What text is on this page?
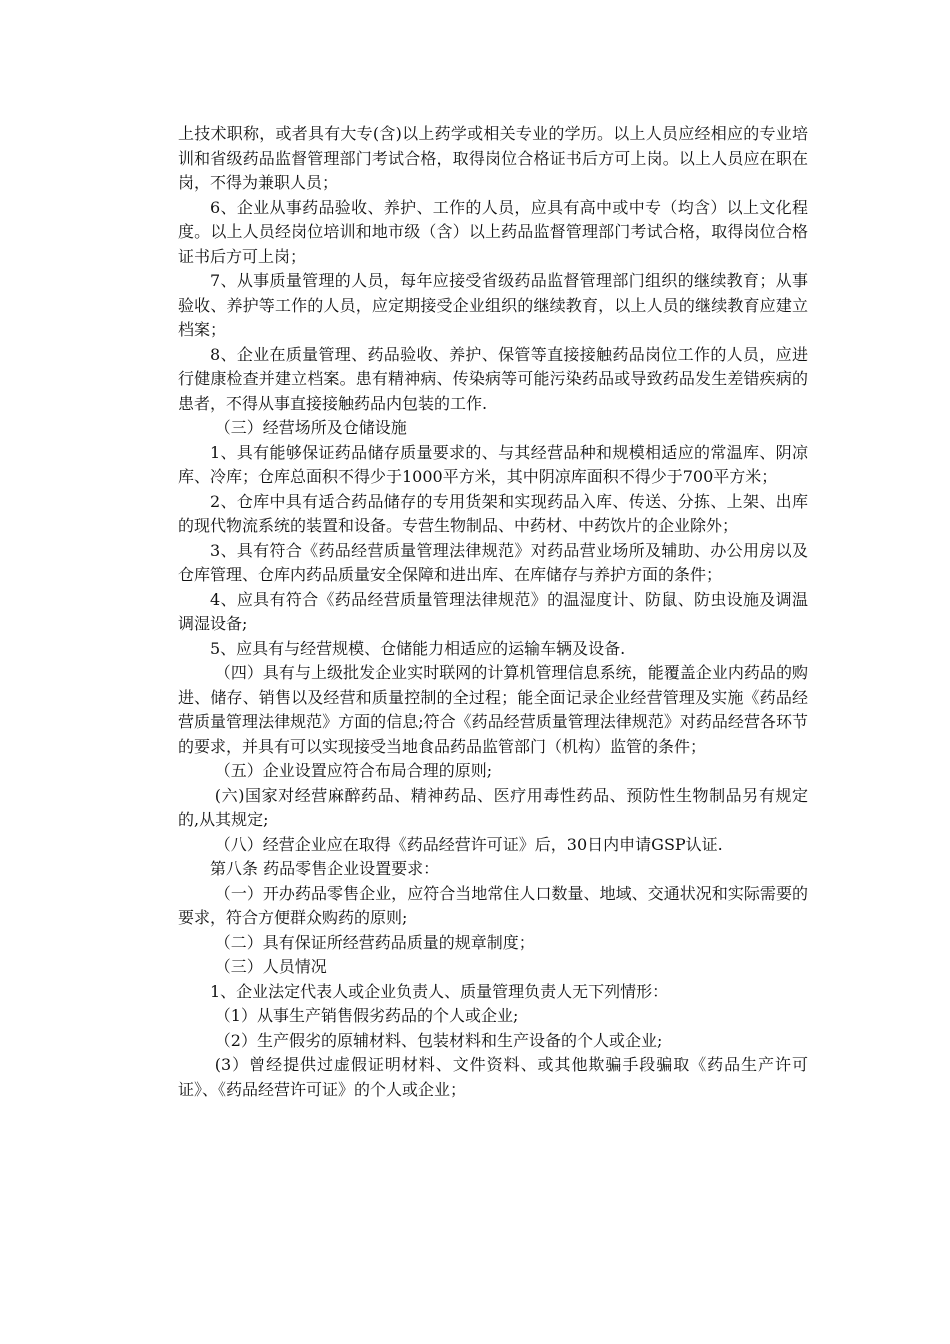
上技术职称，或者具有大专(含)以上药学或相关专业的学历。以上人员应经相应的专业培训和省级药品监督管理部门考试合格，取得岗位合格证书后方可上岗。以上人员应在职在岗，不得为兼职人员；

6、企业从事药品验收、养护、工作的人员，应具有高中或中专（均含）以上文化程度。以上人员经岗位培训和地市级（含）以上药品监督管理部门考试合格，取得岗位合格证书后方可上岗；

7、从事质量管理的人员，每年应接受省级药品监督管理部门组织的继续教育；从事验收、养护等工作的人员，应定期接受企业组织的继续教育，以上人员的继续教育应建立档案；

8、企业在质量管理、药品验收、养护、保管等直接接触药品岗位工作的人员，应进行健康检查并建立档案。患有精神病、传染病等可能污染药品或导致药品发生差错疾病的患者，不得从事直接接触药品内包装的工作.

（三）经营场所及仓储设施

1、具有能够保证药品储存质量要求的、与其经营品种和规模相适应的常温库、阴凉库、冷库；仓库总面积不得少于1000平方米，其中阴凉库面积不得少于700平方米；

2、仓库中具有适合药品储存的专用货架和实现药品入库、传送、分拣、上架、出库的现代物流系统的装置和设备。专营生物制品、中药材、中药饮片的企业除外；

3、具有符合《药品经营质量管理法律规范》对药品营业场所及辅助、办公用房以及仓库管理、仓库内药品质量安全保障和进出库、在库储存与养护方面的条件；

4、应具有符合《药品经营质量管理法律规范》的温湿度计、防鼠、防虫设施及调温调湿设备;

5、应具有与经营规模、仓储能力相适应的运输车辆及设备.

（四）具有与上级批发企业实时联网的计算机管理信息系统，能覆盖企业内药品的购进、储存、销售以及经营和质量控制的全过程；能全面记录企业经营管理及实施《药品经营质量管理法律规范》方面的信息;符合《药品经营质量管理法律规范》对药品经营各环节的要求，并具有可以实现接受当地食品药品监管部门（机构）监管的条件；

（五）企业设置应符合布局合理的原则;

(六)国家对经营麻醉药品、精神药品、医疗用毒性药品、预防性生物制品另有规定的,从其规定;

（八）经营企业应在取得《药品经营许可证》后，30日内申请GSP认证.

第八条 药品零售企业设置要求：

（一）开办药品零售企业，应符合当地常住人口数量、地域、交通状况和实际需要的要求，符合方便群众购药的原则;

（二）具有保证所经营药品质量的规章制度；

（三）人员情况

1、企业法定代表人或企业负责人、质量管理负责人无下列情形：

（1）从事生产销售假劣药品的个人或企业;

（2）生产假劣的原辅材料、包装材料和生产设备的个人或企业;

(3）曾经提供过虚假证明材料、文件资料、或其他欺骗手段骗取《药品生产许可证》、《药品经营许可证》的个人或企业；
